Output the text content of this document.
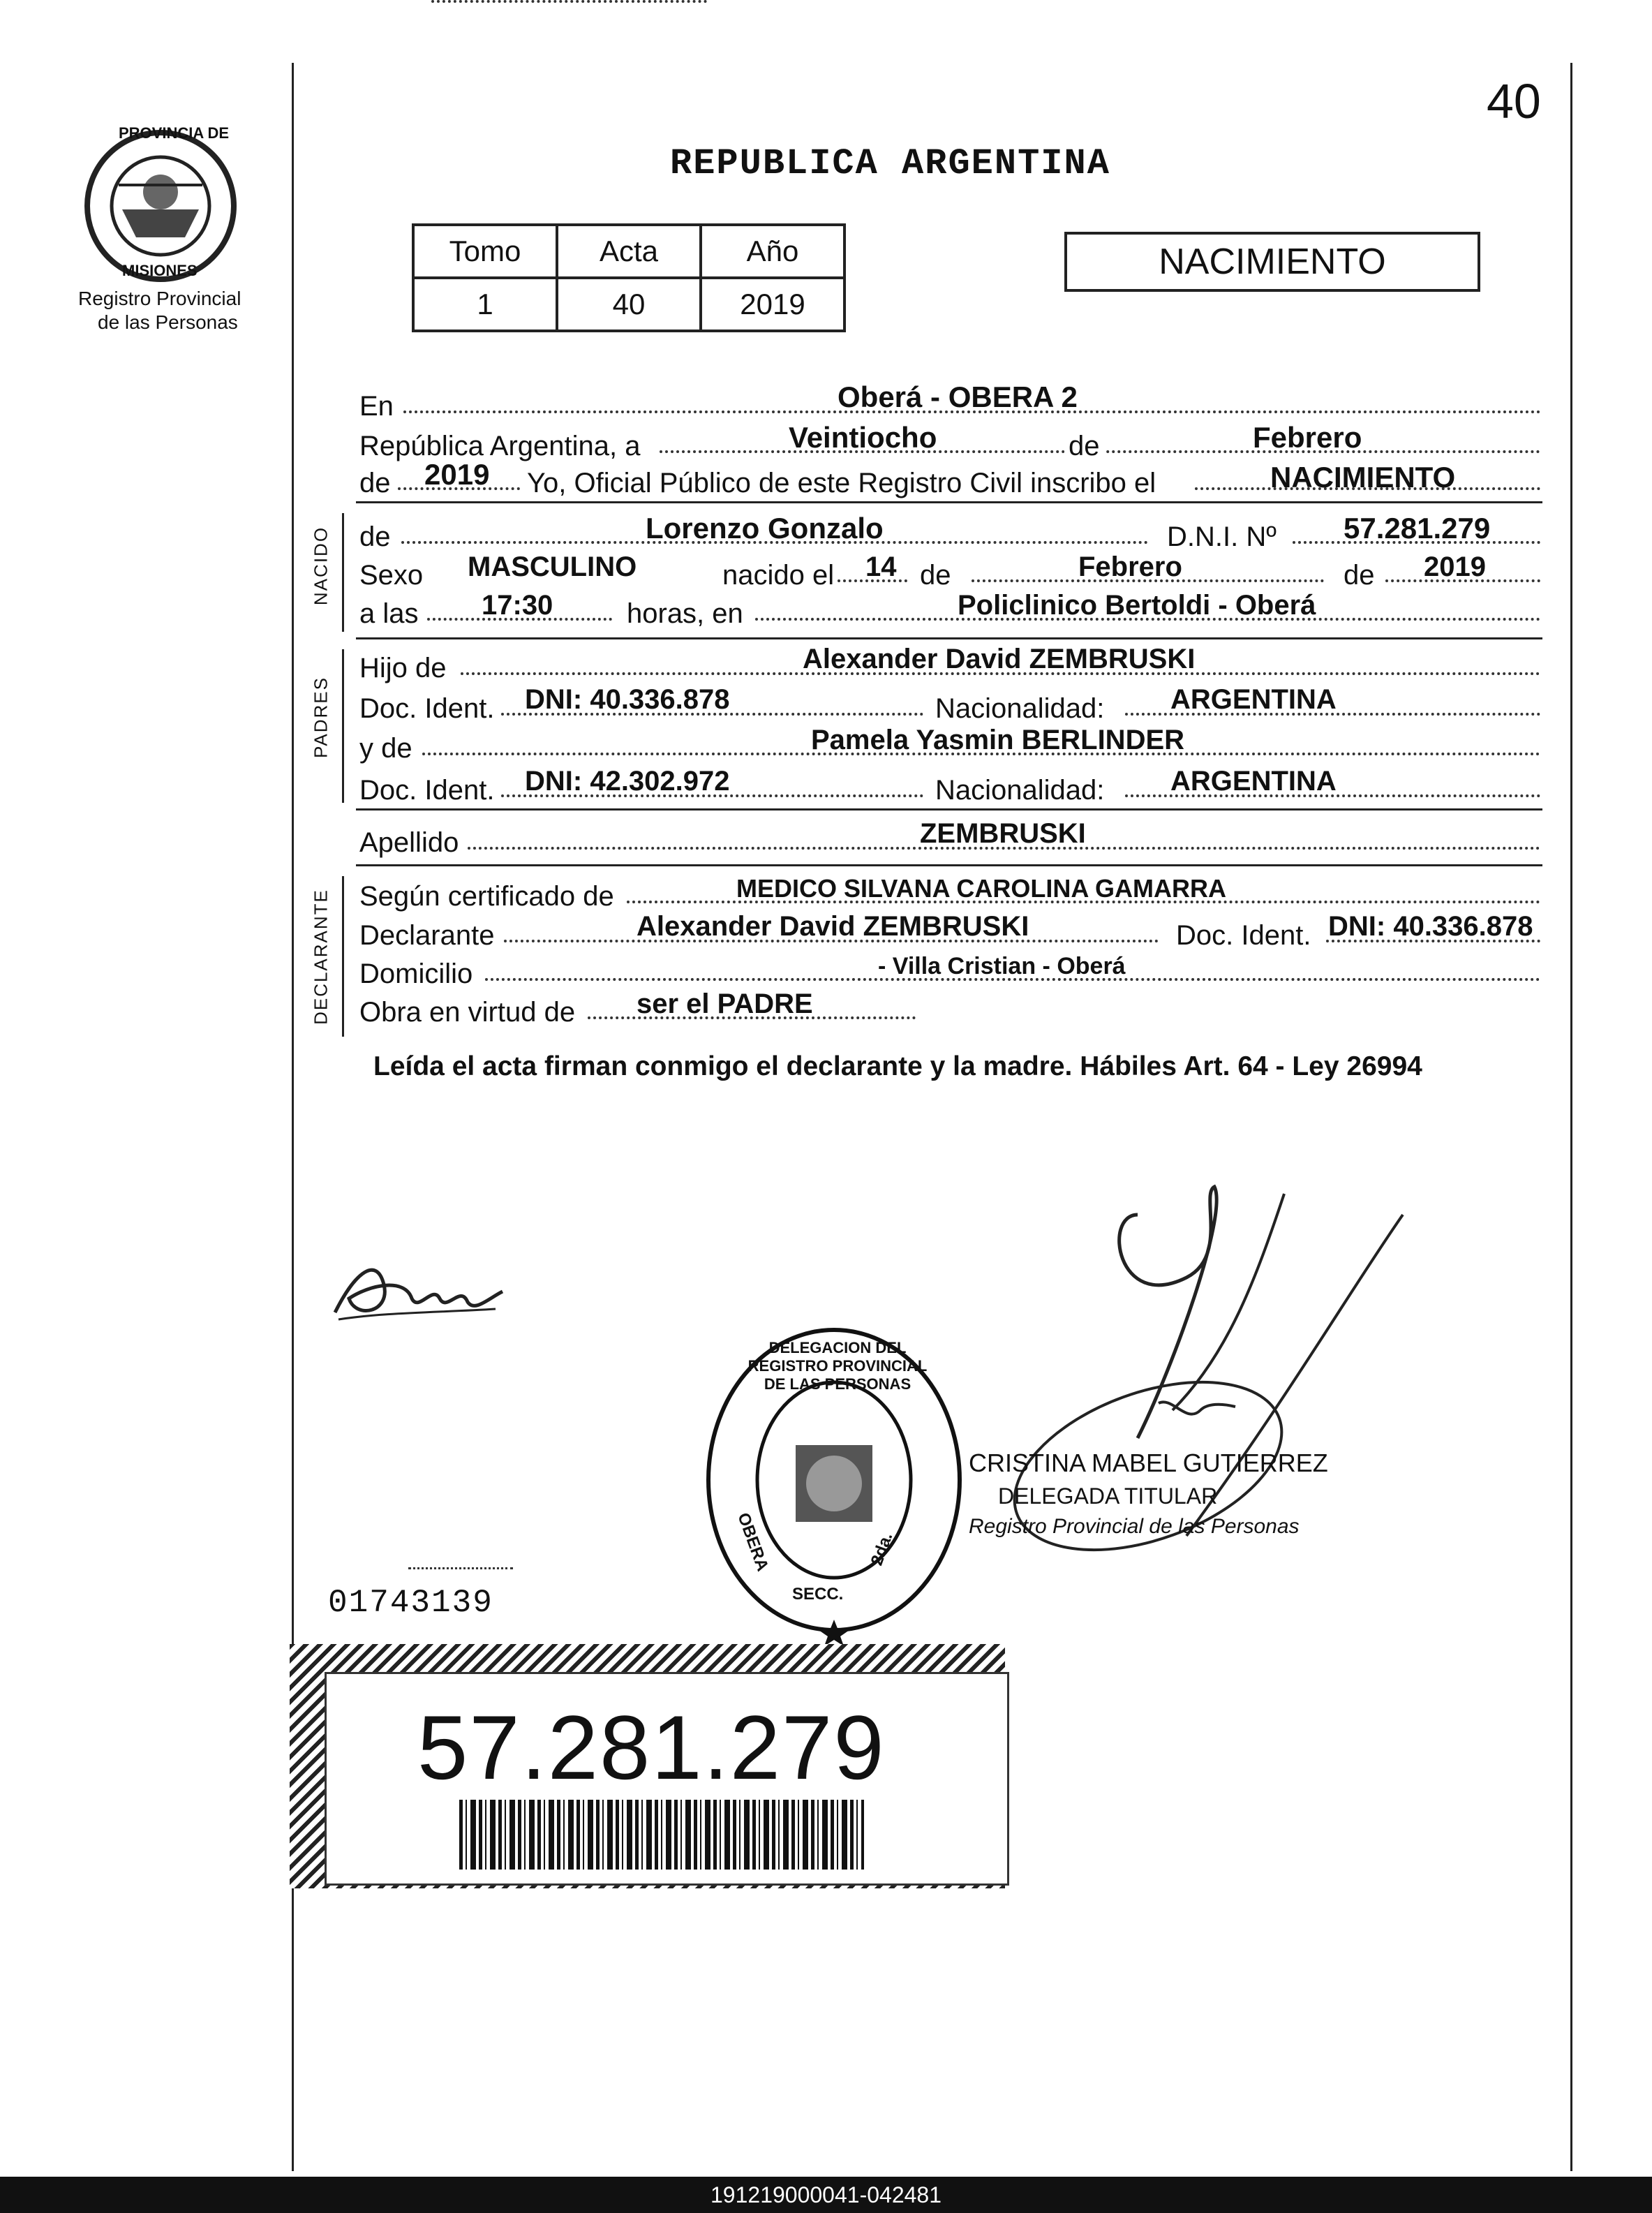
PROVINCIA DE
MISIONES
Registro Provincial
de las Personas
40
REPUBLICA ARGENTINA
Tomo	Acta	Año
1	40	2019
NACIMIENTO
En	Oberá - OBERA 2
República Argentina, a	Veintiocho	de	Febrero
de 2019 Yo, Oficial Público de este Registro Civil inscribo el	NACIMIENTO
NACIDO de	Lorenzo Gonzalo	D.N.I. Nº 57.281.279
Sexo MASCULINO	nacido el 14 de	Febrero	de 2019
a las 17:30	horas, en	Policlinico Bertoldi - Oberá
PADRES
Hijo de	Alexander David ZEMBRUSKI
Doc. Ident. DNI: 40.336.878	Nacionalidad: ARGENTINA
y de	Pamela Yasmin BERLINDER
Doc. Ident. DNI: 42.302.972	Nacionalidad: ARGENTINA
Apellido	ZEMBRUSKI
DECLARANTE Según certificado de	MEDICO SILVANA CAROLINA GAMARRA
Declarante	Alexander David ZEMBRUSKI	Doc. Ident. DNI: 40.336.878
Domicilio	- Villa Cristian - Oberá
Obra en virtud de ser el PADRE
Leída el acta firman conmigo el declarante y la madre. Hábiles Art. 64 - Ley 26994
DELEGACION DEL REGISTRO PROVINCIAL DE LAS PERSONAS
OBERA	2da.
SECC.
CRISTINA MABEL GUTIERREZ
DELEGADA TITULAR
Registro Provincial de las Personas
01743139
57.281.279
191219000041-042481
